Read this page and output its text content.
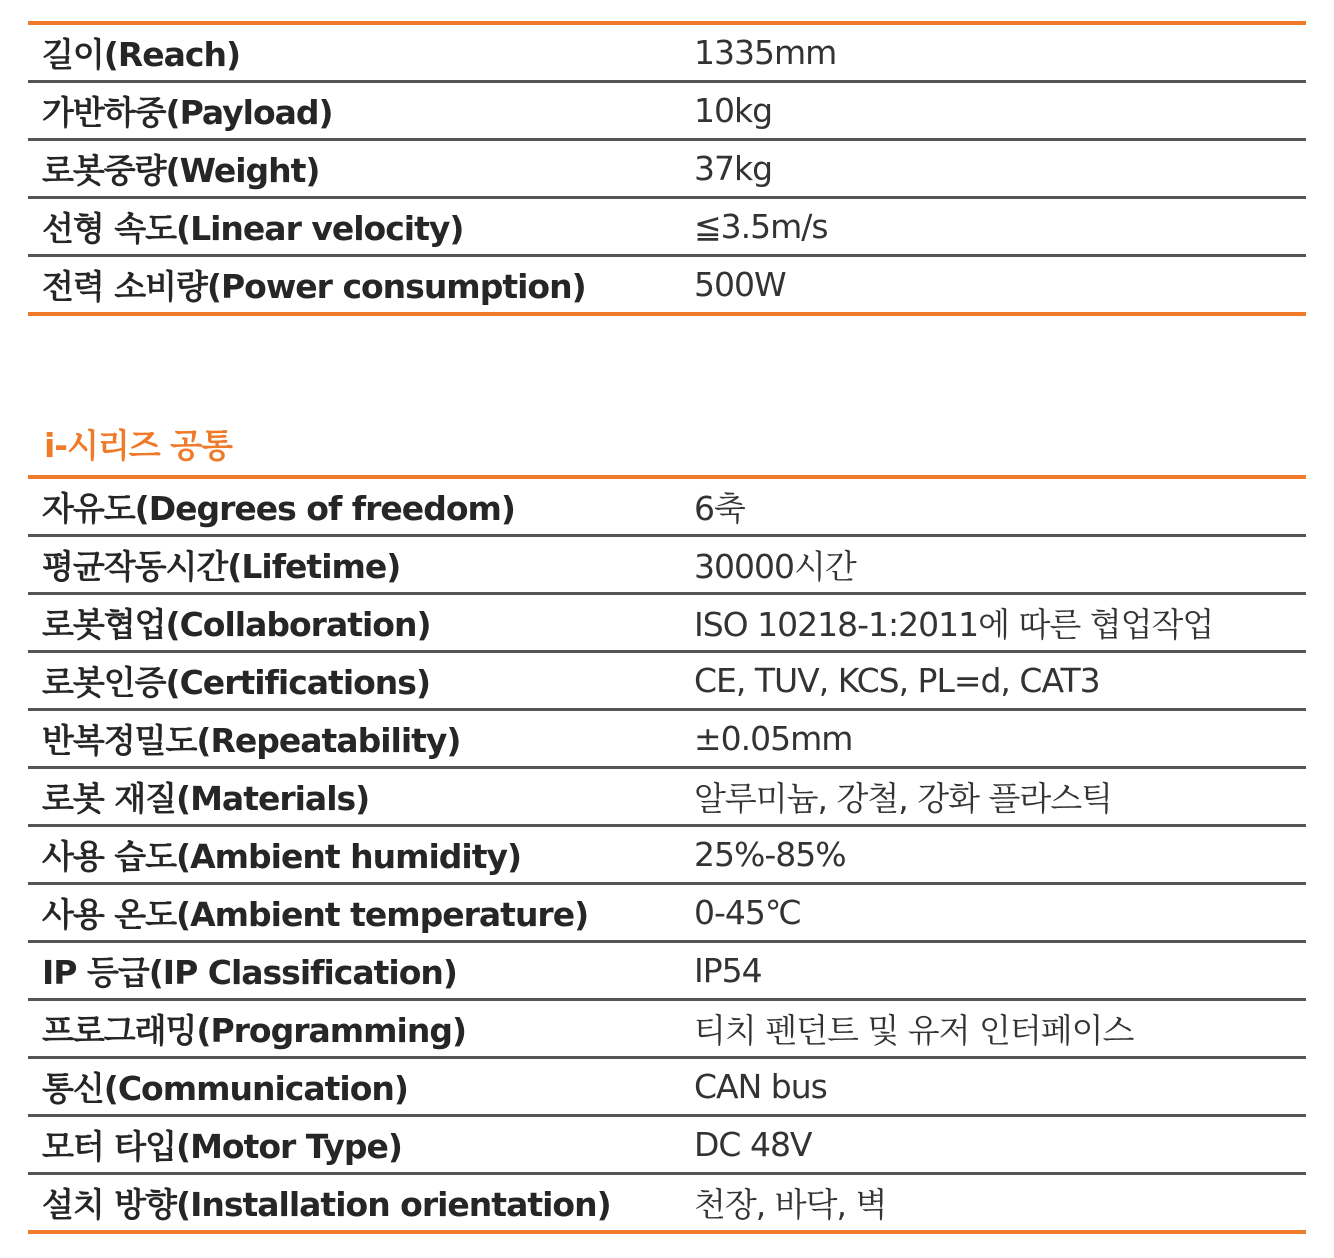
길이(Reach)	1335mm
가반하중(Payload)	10kg
로봇중량(Weight)	37kg
선형 속도(Linear velocity)	≦3.5m/s
전력 소비량(Power consumption)	500W
i-시리즈 공통
자유도(Degrees of freedom)	6축
평균작동시간(Lifetime)	30000시간
로봇협업(Collaboration)	ISO 10218-1:2011에 따른 협업작업
로봇인증(Certifications)	CE, TUV, KCS, PL=d, CAT3
반복정밀도(Repeatability)	±0.05mm
로봇 재질(Materials)	알루미늄, 강철, 강화 플라스틱
사용 습도(Ambient humidity)	25%-85%
사용 온도(Ambient temperature)	0-45℃
IP 등급(IP Classification)	IP54
프로그래밍(Programming)	티치 펜던트 및 유저 인터페이스
통신(Communication)	CAN bus
모터 타입(Motor Type)	DC 48V
설치 방향(Installation orientation)	천장, 바닥, 벽
